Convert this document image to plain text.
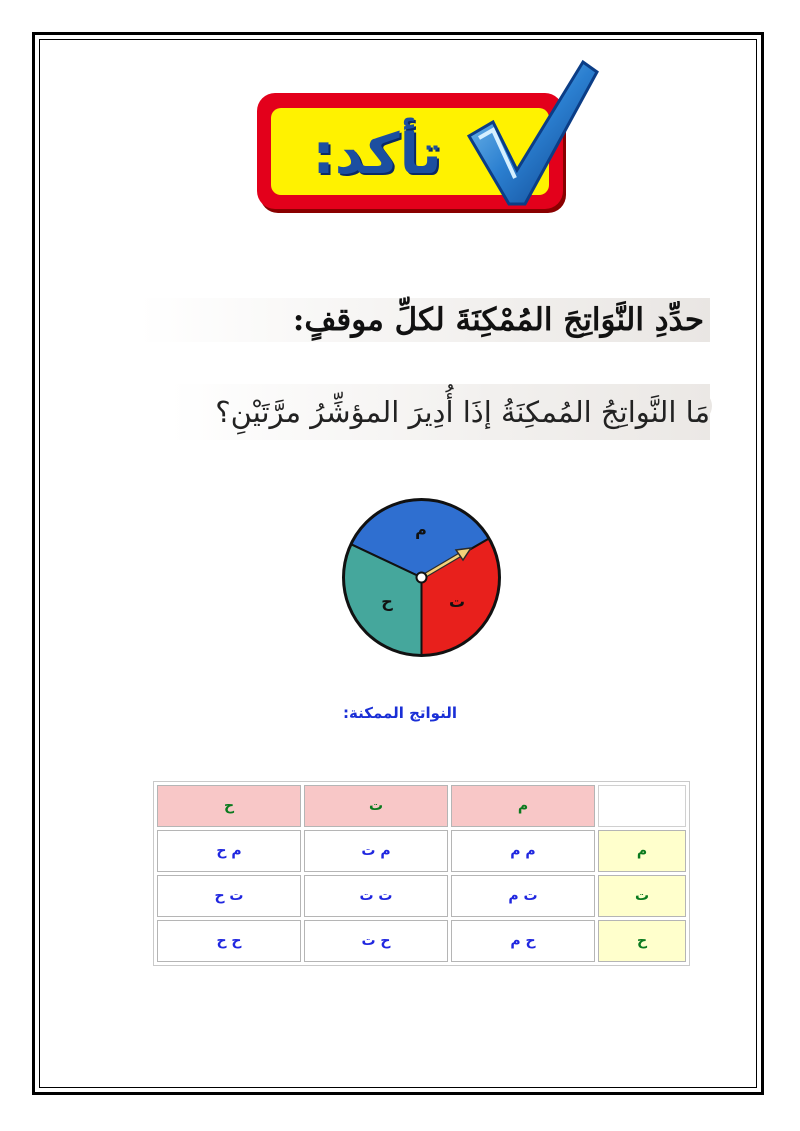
تأكد:
حدِّدِ النَّوَاتِجَ المُمْكِنَةَ لكلِّ موقفٍ:
مَا النَّواتِجُ المُمكِنَةُ إذَا أُدِيرَ المؤشِّرُ مرَّتَيْنِ؟
م
ت
ح
النواتج الممكنة:
ح	ت	م	
م ح	م ت	م م	م
ت ح	ت ت	ت م	ت
ح ح	ح ت	ح م	ح
